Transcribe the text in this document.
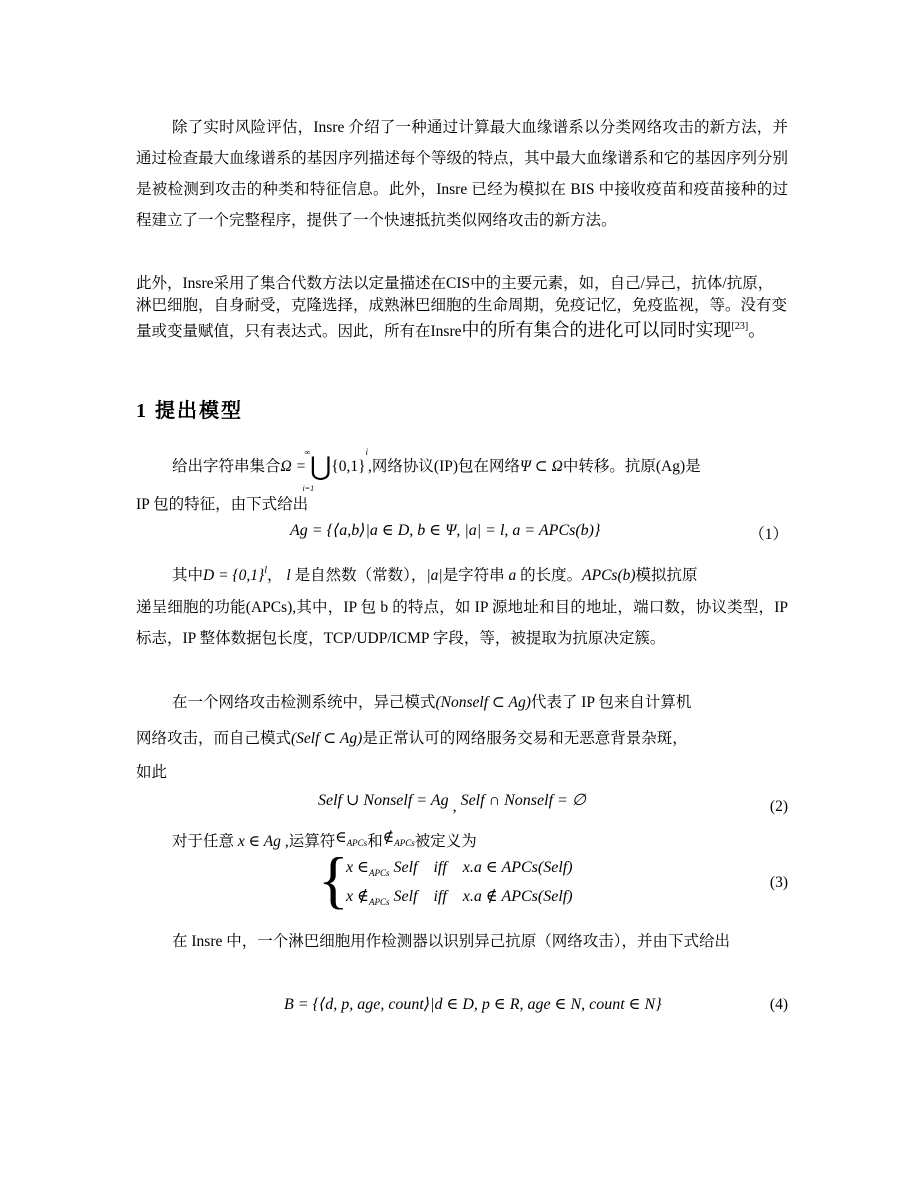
除了实时风险评估，Insre 介绍了一种通过计算最大血缘谱系以分类网络攻击的新方法，并通过检查最大血缘谱系的基因序列描述每个等级的特点，其中最大血缘谱系和它的基因序列分别是被检测到攻击的种类和特征信息。此外，Insre 已经为模拟在 BIS 中接收疫苗和疫苗接种的过程建立了一个完整程序，提供了一个快速抵抗类似网络攻击的新方法。
此外，Insre采用了集合代数方法以定量描述在CIS中的主要元素，如，自己/异己，抗体/抗原，淋巴细胞，自身耐受，克隆选择，成熟淋巴细胞的生命周期，免疫记忆，免疫监视，等。没有变量或变量赋值，只有表达式。因此，所有在Insre中的所有集合的进化可以同时实现[23]。
1 提出模型
给出字符串集合Ω = ⋃
∞
i=1
$\{0,1\}^i$,网络协议(IP)包在网络Ψ ⊂ Ω中转移。抗原(Ag)是
IP 包的特征，由下式给出
Ag = {⟨a,b⟩|a ∈ D, b ∈ Ψ, |a| = l, a = APCs(b)}	（1）
其中$D = \{0,1\}^l$， l 是自然数（常数），|a|是字符串 a 的长度。APCs(b)模拟抗原
递呈细胞的功能(APCs),其中，IP 包 b 的特点，如 IP 源地址和目的地址，端口数，协议类型，IP 标志，IP 整体数据包长度，TCP/UDP/ICMP 字段，等，被提取为抗原决定簇。
在一个网络攻击检测系统中，异己模式(Nonself ⊂ Ag)代表了 IP 包来自计算机
网络攻击，而自己模式(Self ⊂ Ag)是正常认可的网络服务交易和无恶意背景杂斑，
如此
Self ∪ Nonself = Ag , Self ∩ Nonself = ∅	(2)
对于任意 x ∈ Ag ,运算符$\in_{APCs}$和$\notin_{APCs}$被定义为
{
x $\in_{APCs}$ Self    iff    x.a ∈ APCs(Self)
x $\notin_{APCs}$ Self    iff    x.a ∉ APCs(Self)
(3)
在 Insre 中，一个淋巴细胞用作检测器以识别异己抗原（网络攻击），并由下式给出
B = {⟨d, p, age, count⟩|d ∈ D, p ∈ R, age ∈ N, count ∈ N}	(4)
